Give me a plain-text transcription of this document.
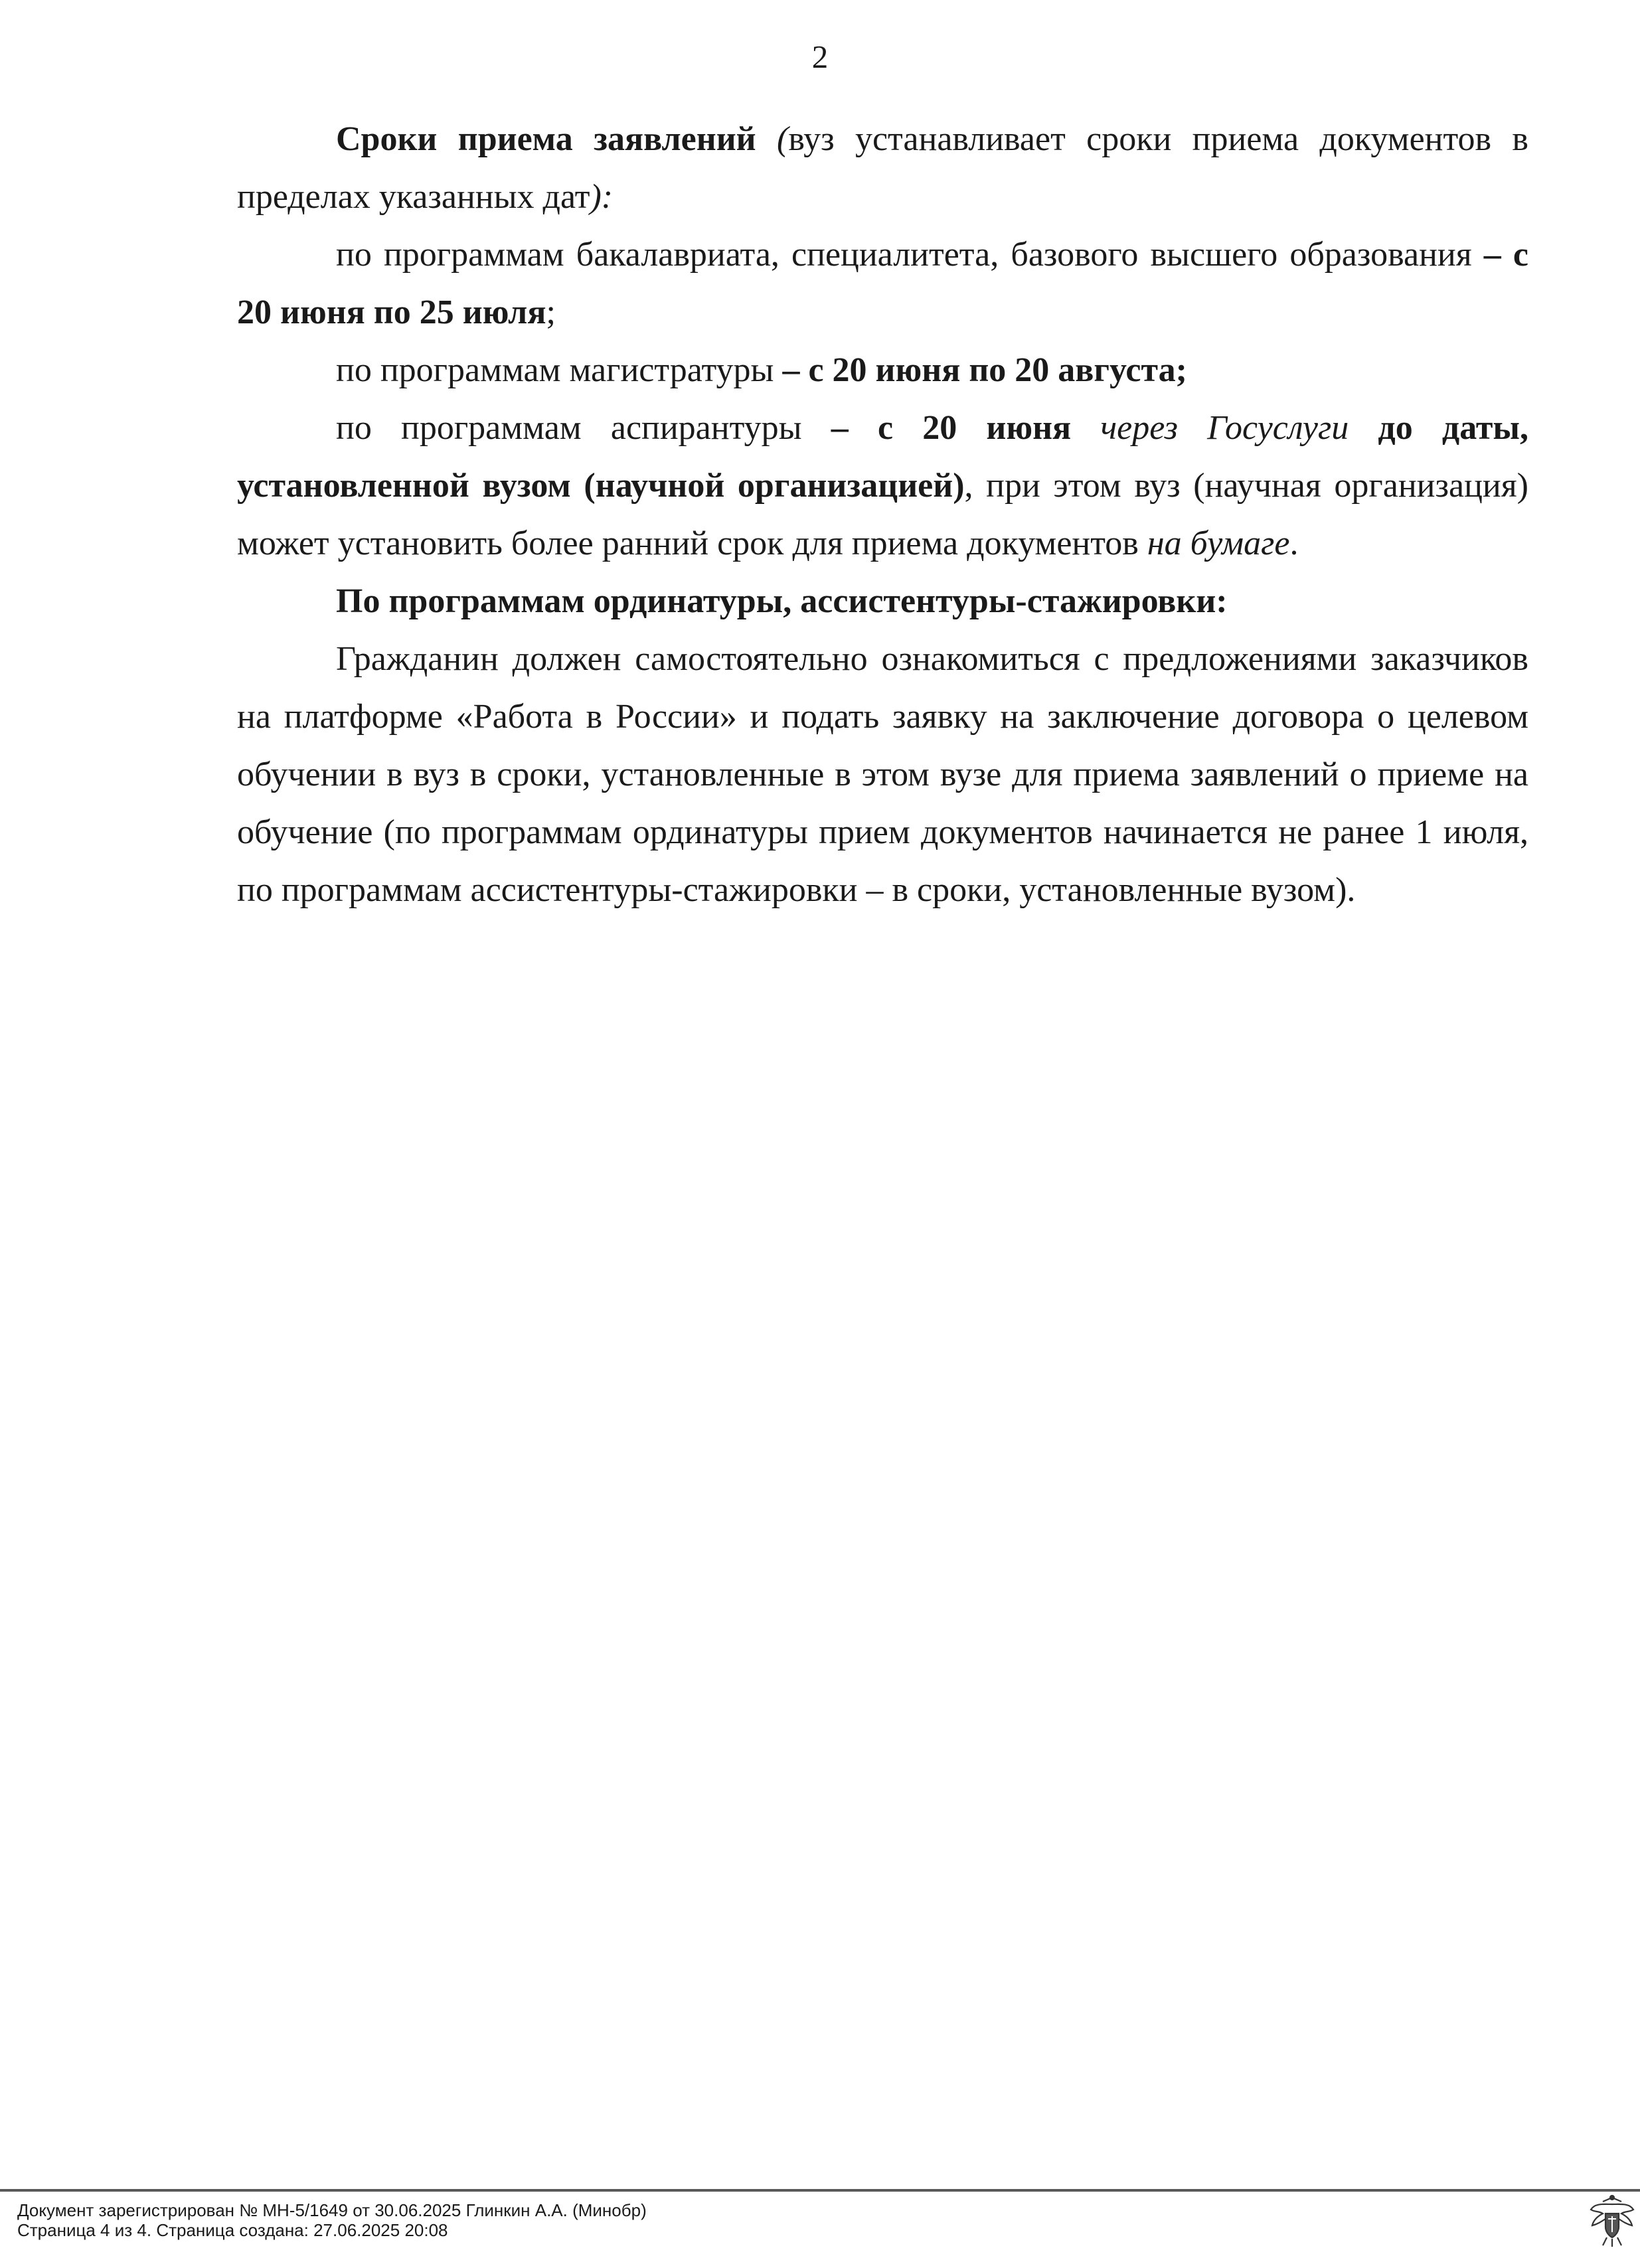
2

Сроки приема заявлений (вуз устанавливает сроки приема документов в пределах указанных дат):

по программам бакалавриата, специалитета, базового высшего образования – с 20 июня по 25 июля;

по программам магистратуры – с 20 июня по 20 августа;

по программам аспирантуры – с 20 июня через Госуслуги до даты, установленной вузом (научной организацией), при этом вуз (научная организация) может установить более ранний срок для приема документов на бумаге.

По программам ординатуры, ассистентуры-стажировки:

Гражданин должен самостоятельно ознакомиться с предложениями заказчиков на платформе «Работа в России» и подать заявку на заключение договора о целевом обучении в вуз в сроки, установленные в этом вузе для приема заявлений о приеме на обучение (по программам ординатуры прием документов начинается не ранее 1 июля, по программам ассистентуры-стажировки – в сроки, установленные вузом).

Документ зарегистрирован № МН-5/1649 от 30.06.2025 Глинкин А.А. (Минобр)
Страница 4 из 4. Страница создана: 27.06.2025 20:08
